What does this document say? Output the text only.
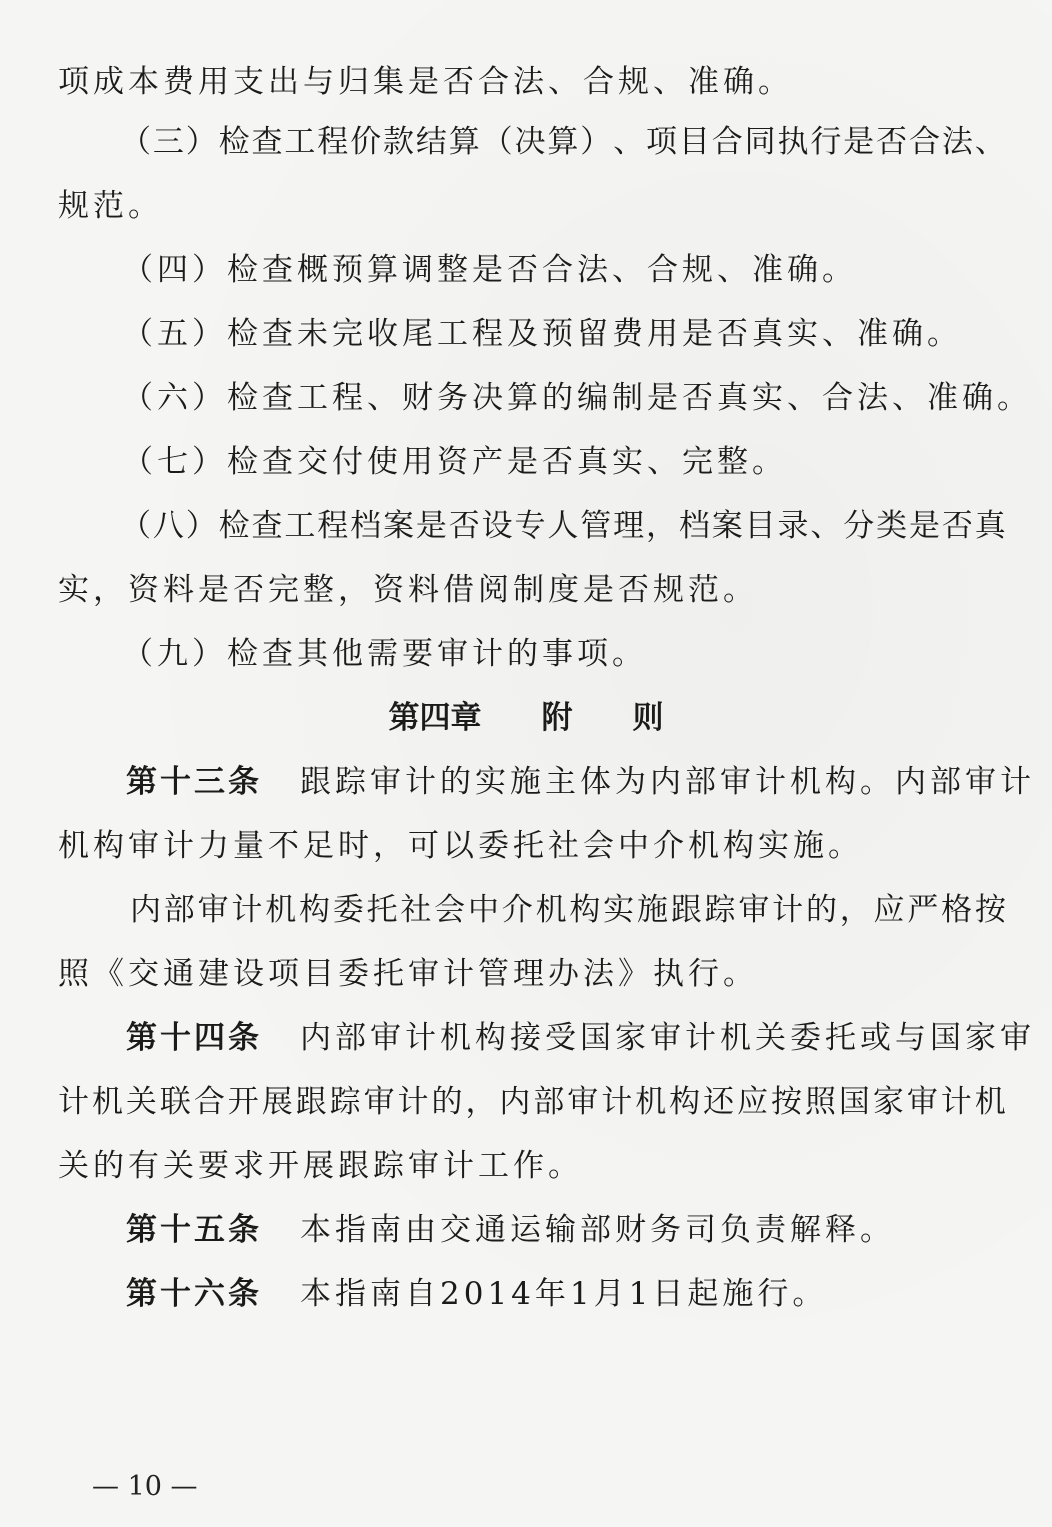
项成本费用支出与归集是否合法、合规、准确。
（ 三 ） 检 查 工 程 价 款 结 算 （ 决 算 ） 、 项 目 合 同 执 行 是 否 合 法 、
规范。
（四）检查概预算调整是否合法、合规、准确。
（五）检查未完收尾工程及预留费用是否真实、准确。
（六）检查工程、财务决算的编制是否真实、合法、准确。
（七）检查交付使用资产是否真实、完整。
（ 八 ） 检 查 工 程 档 案 是 否 设 专 人 管 理 ， 档 案 目 录 、 分 类 是 否 真
实，资料是否完整，资料借阅制度是否规范。
（九）检查其他需要审计的事项。
第四章 附 则
第十三条 跟踪审计的实施主体为内部审计机构。内部审计
机构审计力量不足时，可以委托社会中介机构实施。
内 部 审 计 机 构 委 托 社 会 中 介 机 构 实 施 跟 踪 审 计 的 ， 应 严 格 按
照《交通建设项目委托审计管理办法》执行。
第十四条 内部审计机构接受国家审计机关委托或与国家审
计 机 关 联 合 开 展 跟 踪 审 计 的 ， 内 部 审 计 机 构 还 应 按 照 国 家 审 计 机
关的有关要求开展跟踪审计工作。
第十五条 本指南由交通运输部财务司负责解释。
第十六条 本指南自2014年1月1日起施行。
— 10 —
